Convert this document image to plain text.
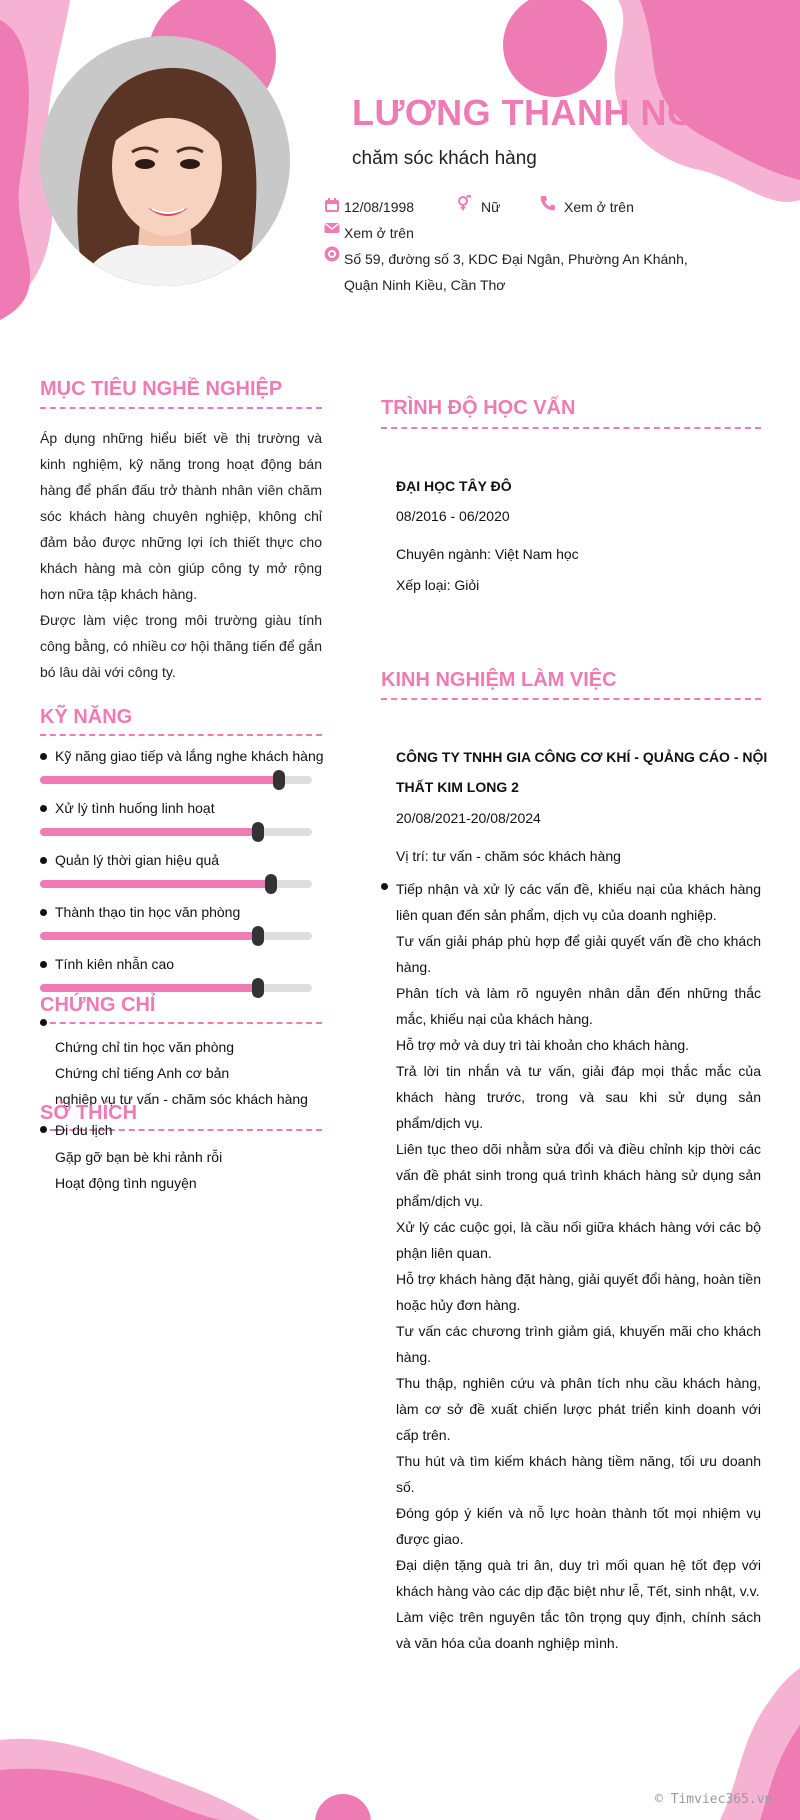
LƯƠNG THANH NGA
chăm sóc khách hàng
12/08/1998	Nữ	Xem ở trên
Xem ở trên
Số 59, đường số 3, KDC Đại Ngân, Phường An Khánh,
Quận Ninh Kiều, Cần Thơ
MỤC TIÊU NGHỀ NGHIỆP

Áp dụng những hiểu biết về thị trường và kinh nghiệm, kỹ năng trong hoạt động bán hàng để phấn đấu trở thành nhân viên chăm sóc khách hàng chuyên nghiệp, không chỉ đảm bảo được những lợi ích thiết thực cho khách hàng mà còn giúp công ty mở rộng hơn nữa tập khách hàng.

Được làm việc trong môi trường giàu tính công bằng, có nhiều cơ hội thăng tiến để gắn bó lâu dài với công ty.

KỸ NĂNG
Kỹ năng giao tiếp và lắng nghe khách hàng
Xử lý tình huống linh hoạt
Quản lý thời gian hiệu quả
Thành thạo tin học văn phòng
Tính kiên nhẫn cao
CHỨNG CHỈ
Chứng chỉ tin học văn phòng
Chứng chỉ tiếng Anh cơ bản
nghiệp vụ tư vấn - chăm sóc khách hàng
SỞ THÍCH
Đi du lịch
Gặp gỡ bạn bè khi rảnh rỗi
Hoạt động tình nguyện
TRÌNH ĐỘ HỌC VẤN
ĐẠI HỌC TÂY ĐÔ
08/2016 - 06/2020
Chuyên ngành: Việt Nam học
Xếp loại: Giỏi
KINH NGHIỆM LÀM VIỆC
CÔNG TY TNHH GIA CÔNG CƠ KHÍ - QUẢNG CÁO - NỘI
THẤT KIM LONG 2
20/08/2021-20/08/2024
Vị trí: tư vấn - chăm sóc khách hàng
Tiếp nhận và xử lý các vấn đề, khiếu nại của khách hàng liên quan đến sản phẩm, dịch vụ của doanh nghiệp.
Tư vấn giải pháp phù hợp để giải quyết vấn đề cho khách hàng.
Phân tích và làm rõ nguyên nhân dẫn đến những thắc mắc, khiếu nại của khách hàng.
Hỗ trợ mở và duy trì tài khoản cho khách hàng.
Trả lời tin nhắn và tư vấn, giải đáp mọi thắc mắc của khách hàng trước, trong và sau khi sử dụng sản phẩm/dịch vụ.
Liên tục theo dõi nhằm sửa đổi và điều chỉnh kịp thời các vấn đề phát sinh trong quá trình khách hàng sử dụng sản phẩm/dịch vụ.
Xử lý các cuộc gọi, là cầu nối giữa khách hàng với các bộ phận liên quan.
Hỗ trợ khách hàng đặt hàng, giải quyết đổi hàng, hoàn tiền hoặc hủy đơn hàng.
Tư vấn các chương trình giảm giá, khuyến mãi cho khách hàng.
Thu thập, nghiên cứu và phân tích nhu cầu khách hàng, làm cơ sở đề xuất chiến lược phát triển kinh doanh với cấp trên.
Thu hút và tìm kiếm khách hàng tiềm năng, tối ưu doanh số.
Đóng góp ý kiến và nỗ lực hoàn thành tốt mọi nhiệm vụ được giao.
Đại diện tặng quà tri ân, duy trì mối quan hệ tốt đẹp với khách hàng vào các dịp đặc biệt như lễ, Tết, sinh nhật, v.v.
Làm việc trên nguyên tắc tôn trọng quy định, chính sách và văn hóa của doanh nghiệp mình.
© Timviec365.vn
